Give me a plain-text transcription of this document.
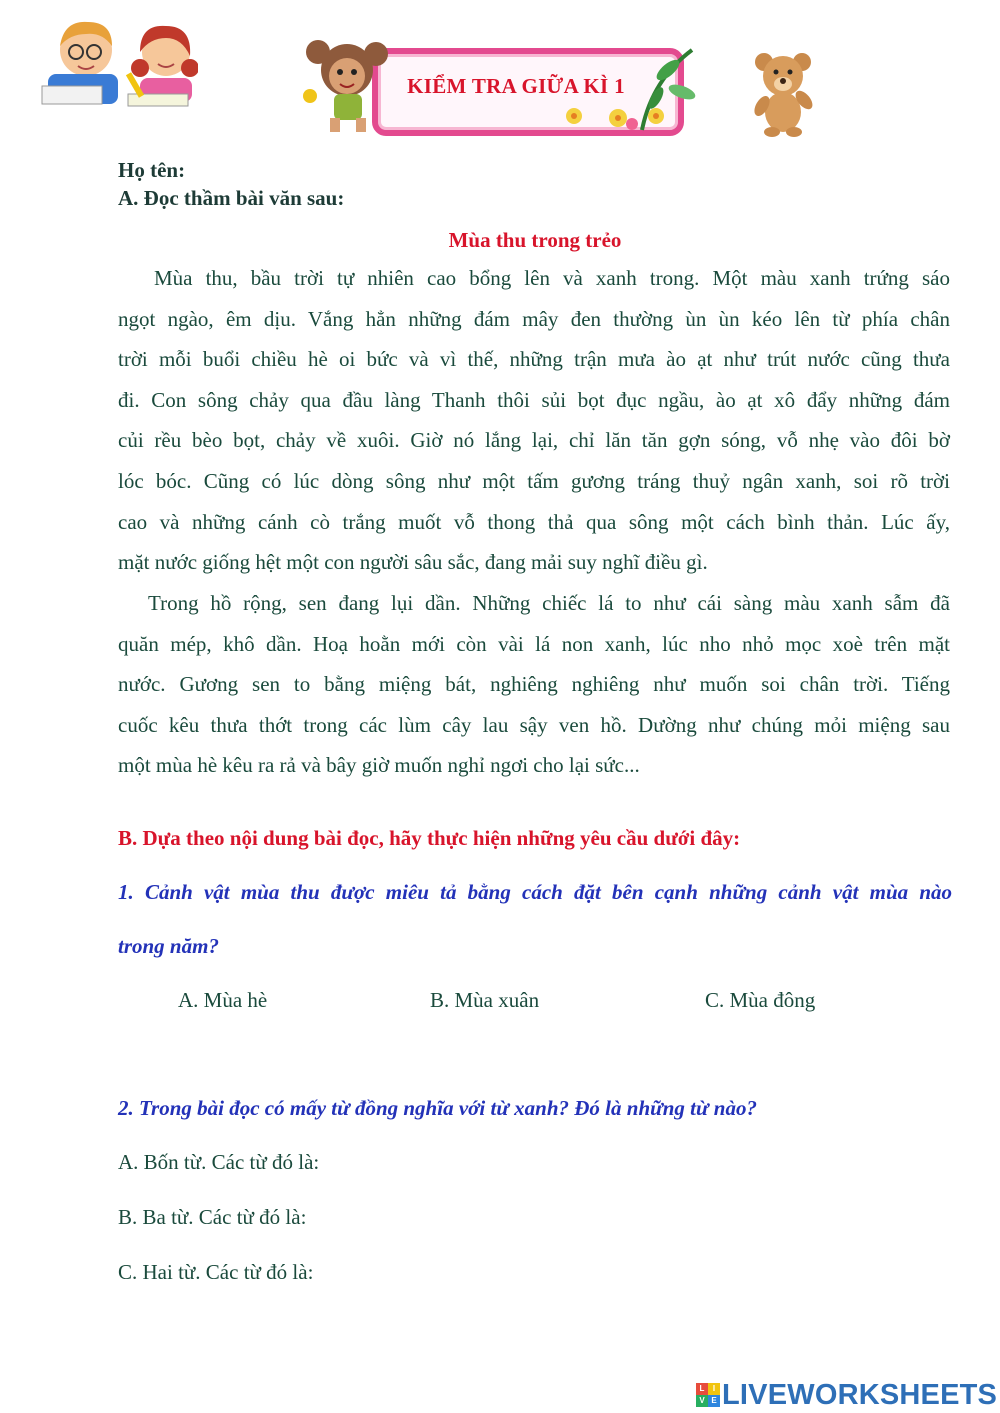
KIỂM TRA GIỮA KÌ 1
Họ tên:
A. Đọc thầm bài văn sau:
Mùa thu trong trẻo
Mùa thu, bầu trời tự nhiên cao bổng lên và xanh trong. Một màu xanh trứng sáo
ngọt ngào, êm dịu. Vắng hẳn những đám mây đen thường ùn ùn kéo lên từ phía chân
trời mỗi buổi chiều hè oi bức và vì thế, những trận mưa ào ạt như trút nước cũng thưa
đi. Con sông chảy qua đầu làng Thanh thôi sủi bọt đục ngầu, ào ạt xô đẩy những đám
củi rều bèo bọt, chảy về xuôi. Giờ nó lắng lại, chỉ lăn tăn gợn sóng, vỗ nhẹ vào đôi bờ
lóc bóc. Cũng có lúc dòng sông như một tấm gương tráng thuỷ ngân xanh, soi rõ trời
cao và những cánh cò trắng muốt vỗ thong thả qua sông một cách bình thản. Lúc ấy,
mặt nước giống hệt một con người sâu sắc, đang mải suy nghĩ điều gì.
Trong hồ rộng, sen đang lụi dần. Những chiếc lá to như cái sàng màu xanh sẫm đã
quăn mép, khô dần. Hoạ hoằn mới còn vài lá non xanh, lúc nho nhỏ mọc xoè trên mặt
nước. Gương sen to bằng miệng bát, nghiêng nghiêng như muốn soi chân trời. Tiếng
cuốc kêu thưa thớt trong các lùm cây lau sậy ven hồ. Dường như chúng mỏi miệng sau
một mùa hè kêu ra rả và bây giờ muốn nghỉ ngơi cho lại sức...
B. Dựa theo nội dung bài đọc, hãy thực hiện những yêu cầu dưới đây:
1. Cảnh vật mùa thu được miêu tả bằng cách đặt bên cạnh những cảnh vật mùa nào
trong năm?
A. Mùa hè	B. Mùa xuân	C. Mùa đông
2. Trong bài đọc có mấy từ đồng nghĩa với từ xanh? Đó là những từ nào?
A. Bốn từ. Các từ đó là:
B. Ba từ. Các từ đó là:
C. Hai từ. Các từ đó là:
L	I
V E LIVEWORKSHEETS
